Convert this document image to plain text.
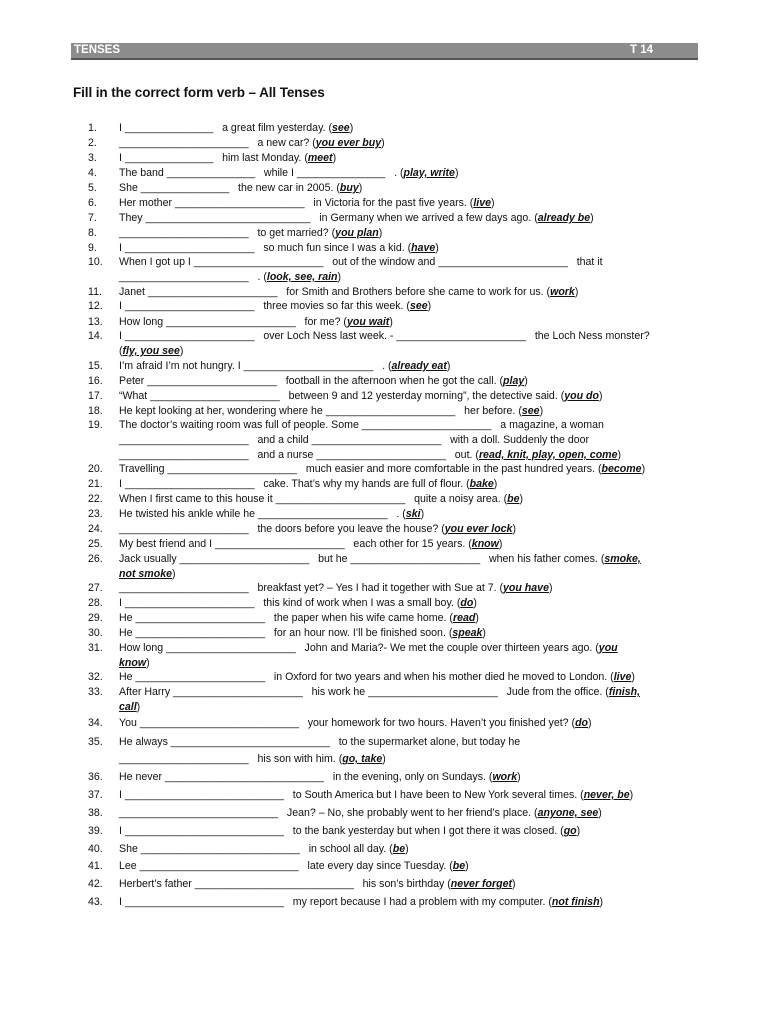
TENSES	T 14
Fill in the correct form verb – All Tenses
1.	I _______________   a great film yesterday. (see)
2.	______________________   a new car? (you ever buy)
3.	I _______________   him last Monday. (meet)
4.	The band _______________   while I _______________   . (play, write)
5.	She _______________   the new car in 2005. (buy)
6.	Her mother ______________________   in Victoria for the past five years. (live)
7.	They ____________________________   in Germany when we arrived a few days ago. (already be)
8.	______________________   to get married? (you plan)
9.	I ______________________   so much fun since I was a kid. (have)
10.	When I got up I ______________________   out of the window and ______________________   that it
11.	Janet ______________________   for Smith and Brothers before she came to work for us. (work)
12.	I ______________________   three movies so far this week. (see)
13.	How long ______________________   for me? (you wait)
14.	I ______________________   over Loch Ness last week. - ______________________   the Loch Ness monster?
15.	I’m afraid I’m not hungry. I ______________________   . (already eat)
16.	Peter ______________________   football in the afternoon when he got the call. (play)
17.	“What ______________________   between 9 and 12 yesterday morning”, the detective said. (you do)
18.	He kept looking at her, wondering where he ______________________   her before. (see)
19.	The doctor’s waiting room was full of people. Some ______________________   a magazine, a woman
20.	Travelling ______________________   much easier and more comfortable in the past hundred years. (become)
21.	I ______________________   cake. That’s why my hands are full of flour. (bake)
22.	When I first came to this house it ______________________   quite a noisy area. (be)
23.	He twisted his ankle while he ______________________   . (ski)
24.	______________________   the doors before you leave the house? (you ever lock)
25.	My best friend and I ______________________   each other for 15 years. (know)
26.	Jack usually ______________________   but he ______________________   when his father comes. (smoke,
27.	______________________   breakfast yet? – Yes I had it together with Sue at 7. (you have)
28.	I ______________________   this kind of work when I was a small boy. (do)
29.	He ______________________   the paper when his wife came home. (read)
30.	He ______________________   for an hour now. I’ll be finished soon. (speak)
31.	How long ______________________   John and Maria?- We met the couple over thirteen years ago. (you
32.	He ______________________   in Oxford for two years and when his mother died he moved to London. (live)
33.	After Harry ______________________   his work he ______________________   Jude from the office. (finish,
34.	You ___________________________   your homework for two hours. Haven’t you finished yet? (do)
35.	He always ___________________________   to the supermarket alone, but today he
36.	He never ___________________________   in the evening, only on Sundays. (work)
37.	I ___________________________   to South America but I have been to New York several times. (never, be)
38.	___________________________   Jean? – No, she probably went to her friend’s place. (anyone, see)
39.	I ___________________________   to the bank yesterday but when I got there it was closed. (go)
40.	She ___________________________   in school all day. (be)
41.	Lee ___________________________   late every day since Tuesday. (be)
42.	Herbert’s father ___________________________   his son’s birthday (never forget)
43.	I ___________________________   my report because I had a problem with my computer. (not finish)
______________________   . (look, see, rain)
(fly, you see)
______________________   and a child ______________________   with a doll. Suddenly the door
______________________   and a nurse ______________________   out. (read, knit, play, open, come)
not smoke)
know)
call)
______________________   his son with him. (go, take)
